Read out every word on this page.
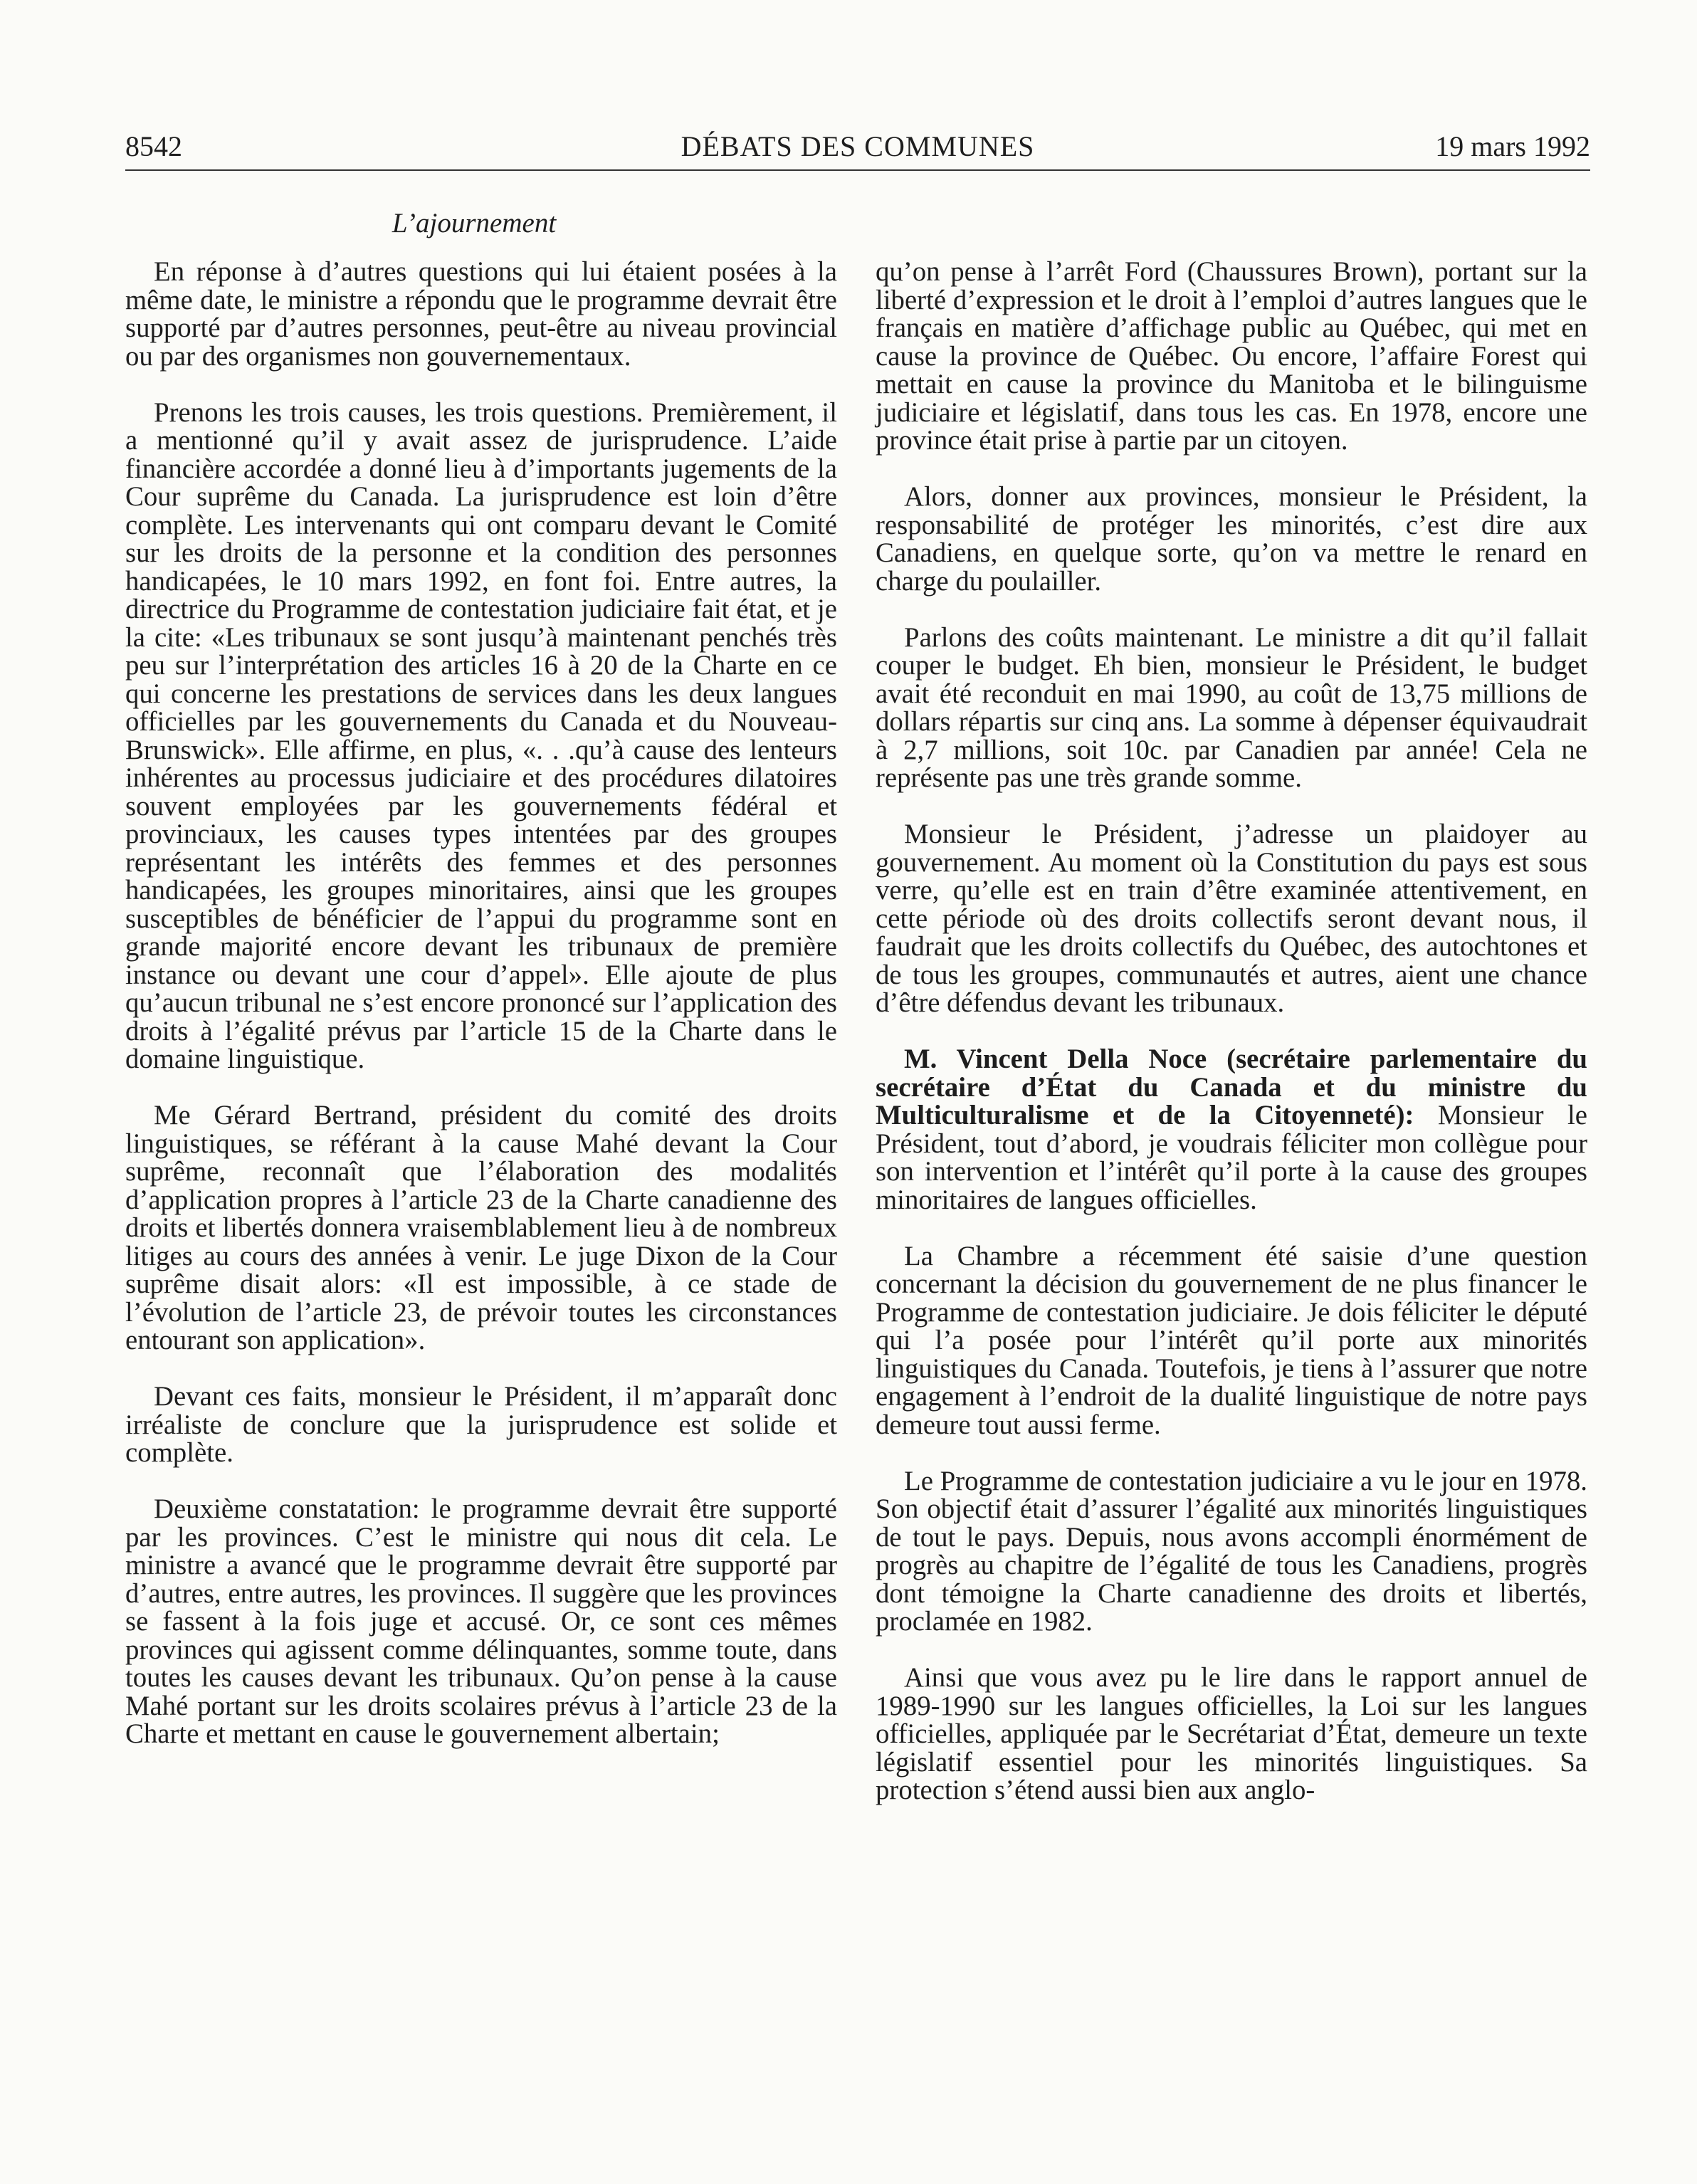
8542	DÉBATS DES COMMUNES	19 mars 1992
L’ajournement

En réponse à d’autres questions qui lui étaient posées à la même date, le ministre a répondu que le programme devrait être supporté par d’autres personnes, peut-être au niveau provincial ou par des organismes non gouvernementaux.

Prenons les trois causes, les trois questions. Premièrement, il a mentionné qu’il y avait assez de jurisprudence. L’aide financière accordée a donné lieu à d’importants jugements de la Cour suprême du Canada. La jurisprudence est loin d’être complète. Les intervenants qui ont comparu devant le Comité sur les droits de la personne et la condition des personnes handicapées, le 10 mars 1992, en font foi. Entre autres, la directrice du Programme de contestation judiciaire fait état, et je la cite: «Les tribunaux se sont jusqu’à maintenant penchés très peu sur l’interprétation des articles 16 à 20 de la Charte en ce qui concerne les prestations de services dans les deux langues officielles par les gouvernements du Canada et du Nouveau-Brunswick». Elle affirme, en plus, «. . .qu’à cause des lenteurs inhérentes au processus judiciaire et des procédures dilatoires souvent employées par les gouvernements fédéral et provinciaux, les causes types intentées par des groupes représentant les intérêts des femmes et des personnes handicapées, les groupes minoritaires, ainsi que les groupes susceptibles de bénéficier de l’appui du programme sont en grande majorité encore devant les tribunaux de première instance ou devant une cour d’appel». Elle ajoute de plus qu’aucun tribunal ne s’est encore prononcé sur l’application des droits à l’égalité prévus par l’article 15 de la Charte dans le domaine linguistique.

Me Gérard Bertrand, président du comité des droits linguistiques, se référant à la cause Mahé devant la Cour suprême, reconnaît que l’élaboration des modalités d’application propres à l’article 23 de la Charte canadienne des droits et libertés donnera vraisemblablement lieu à de nombreux litiges au cours des années à venir. Le juge Dixon de la Cour suprême disait alors: «Il est impossible, à ce stade de l’évolution de l’article 23, de prévoir toutes les circonstances entourant son application».

Devant ces faits, monsieur le Président, il m’apparaît donc irréaliste de conclure que la jurisprudence est solide et complète.

Deuxième constatation: le programme devrait être supporté par les provinces. C’est le ministre qui nous dit cela. Le ministre a avancé que le programme devrait être supporté par d’autres, entre autres, les provinces. Il suggère que les provinces se fassent à la fois juge et accusé. Or, ce sont ces mêmes provinces qui agissent comme délinquantes, somme toute, dans toutes les causes devant les tribunaux. Qu’on pense à la cause Mahé portant sur les droits scolaires prévus à l’article 23 de la Charte et mettant en cause le gouvernement albertain;

qu’on pense à l’arrêt Ford (Chaussures Brown), portant sur la liberté d’expression et le droit à l’emploi d’autres langues que le français en matière d’affichage public au Québec, qui met en cause la province de Québec. Ou encore, l’affaire Forest qui mettait en cause la province du Manitoba et le bilinguisme judiciaire et législatif, dans tous les cas. En 1978, encore une province était prise à partie par un citoyen.

Alors, donner aux provinces, monsieur le Président, la responsabilité de protéger les minorités, c’est dire aux Canadiens, en quelque sorte, qu’on va mettre le renard en charge du poulailler.

Parlons des coûts maintenant. Le ministre a dit qu’il fallait couper le budget. Eh bien, monsieur le Président, le budget avait été reconduit en mai 1990, au coût de 13,75 millions de dollars répartis sur cinq ans. La somme à dépenser équivaudrait à 2,7 millions, soit 10c. par Canadien par année! Cela ne représente pas une très grande somme.

Monsieur le Président, j’adresse un plaidoyer au gouvernement. Au moment où la Constitution du pays est sous verre, qu’elle est en train d’être examinée attentivement, en cette période où des droits collectifs seront devant nous, il faudrait que les droits collectifs du Québec, des autochtones et de tous les groupes, communautés et autres, aient une chance d’être défendus devant les tribunaux.

M. Vincent Della Noce (secrétaire parlementaire du secrétaire d’État du Canada et du ministre du Multiculturalisme et de la Citoyenneté): Monsieur le Président, tout d’abord, je voudrais féliciter mon collègue pour son intervention et l’intérêt qu’il porte à la cause des groupes minoritaires de langues officielles.

La Chambre a récemment été saisie d’une question concernant la décision du gouvernement de ne plus financer le Programme de contestation judiciaire. Je dois féliciter le député qui l’a posée pour l’intérêt qu’il porte aux minorités linguistiques du Canada. Toutefois, je tiens à l’assurer que notre engagement à l’endroit de la dualité linguistique de notre pays demeure tout aussi ferme.

Le Programme de contestation judiciaire a vu le jour en 1978. Son objectif était d’assurer l’égalité aux minorités linguistiques de tout le pays. Depuis, nous avons accompli énormément de progrès au chapitre de l’égalité de tous les Canadiens, progrès dont témoigne la Charte canadienne des droits et libertés, proclamée en 1982.

Ainsi que vous avez pu le lire dans le rapport annuel de 1989-1990 sur les langues officielles, la Loi sur les langues officielles, appliquée par le Secrétariat d’État, demeure un texte législatif essentiel pour les minorités linguistiques. Sa protection s’étend aussi bien aux anglo-
